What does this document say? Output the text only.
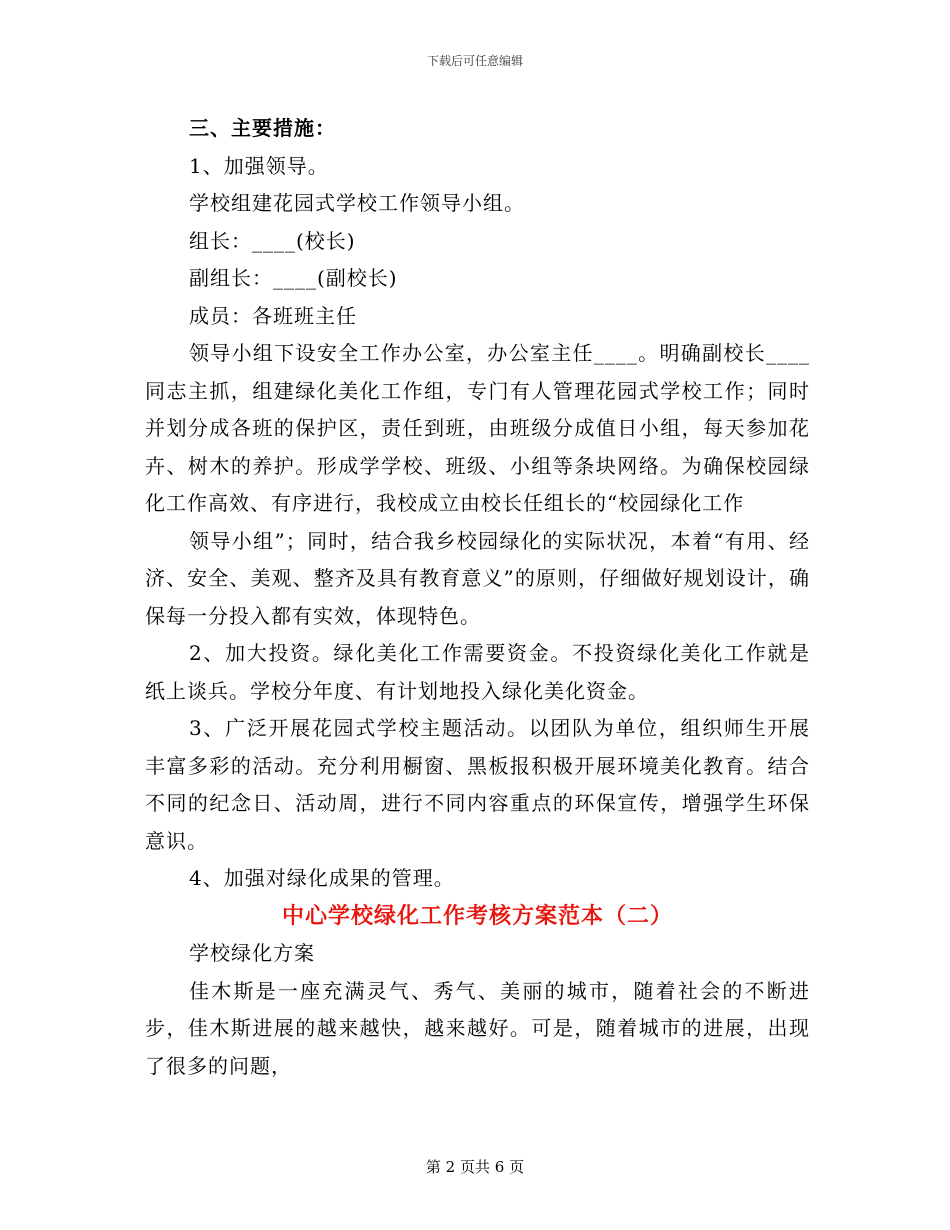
下载后可任意编辑

三、主要措施：

1、加强领导。

学校组建花园式学校工作领导小组。

组长：____(校长)

副组长：____(副校长)

成员：各班班主任

领导小组下设安全工作办公室，办公室主任____。明确副校长____同志主抓，组建绿化美化工作组，专门有人管理花园式学校工作；同时并划分成各班的保护区，责任到班，由班级分成值日小组，每天参加花卉、树木的养护。形成学学校、班级、小组等条块网络。为确保校园绿化工作高效、有序进行，我校成立由校长任组长的“校园绿化工作

领导小组”；同时，结合我乡校园绿化的实际状况，本着“有用、经济、安全、美观、整齐及具有教育意义”的原则，仔细做好规划设计，确保每一分投入都有实效，体现特色。

2、加大投资。绿化美化工作需要资金。不投资绿化美化工作就是纸上谈兵。学校分年度、有计划地投入绿化美化资金。

3、广泛开展花园式学校主题活动。以团队为单位，组织师生开展丰富多彩的活动。充分利用橱窗、黑板报积极开展环境美化教育。结合不同的纪念日、活动周，进行不同内容重点的环保宣传，增强学生环保意识。

4、加强对绿化成果的管理。

中心学校绿化工作考核方案范本（二）

学校绿化方案

佳木斯是一座充满灵气、秀气、美丽的城市，随着社会的不断进步，佳木斯进展的越来越快，越来越好。可是，随着城市的进展，出现了很多的问题，

第 2 页共 6 页
